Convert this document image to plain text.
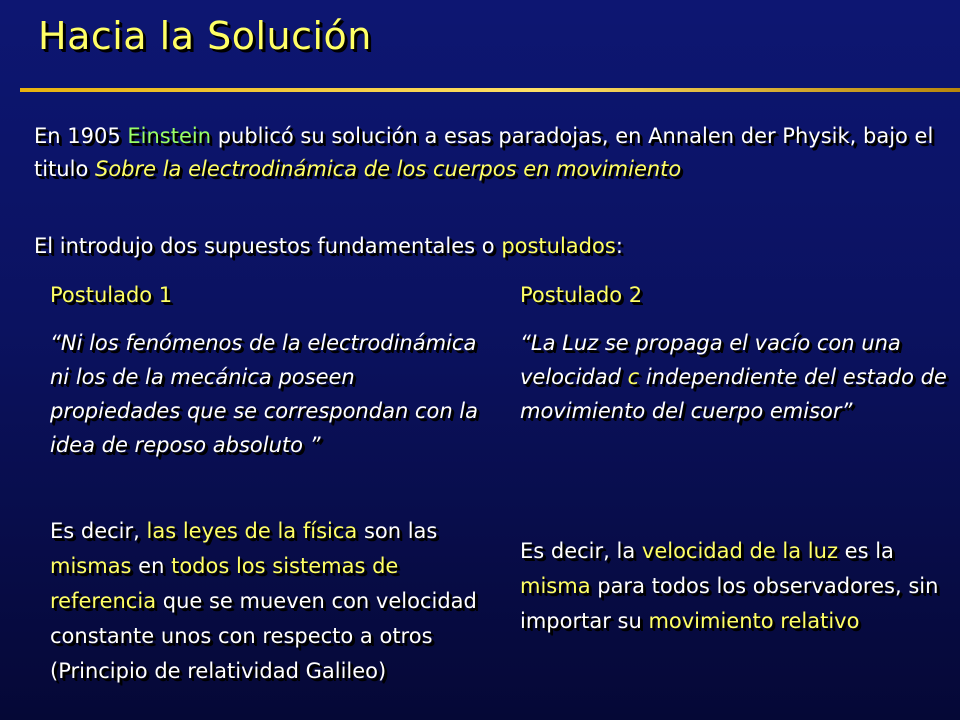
Hacia la Solución
En 1905 Einstein publicó su solución a esas paradojas, en Annalen der Physik, bajo el titulo Sobre la electrodinámica de los cuerpos en movimiento
El introdujo dos supuestos fundamentales o postulados:
Postulado 1
“Ni los fenómenos de la electrodinámica ni los de la mecánica poseen propiedades que se correspondan con la idea de reposo absoluto ”
Es decir, las leyes de la física son las mismas en todos los sistemas de referencia que se mueven con velocidad constante unos con respecto a otros (Principio de relatividad Galileo)
Postulado 2
“La Luz se propaga el vacío con una velocidad c independiente del estado de movimiento del cuerpo emisor”
Es decir, la velocidad de la luz es la misma para todos los observadores, sin importar su movimiento relativo
